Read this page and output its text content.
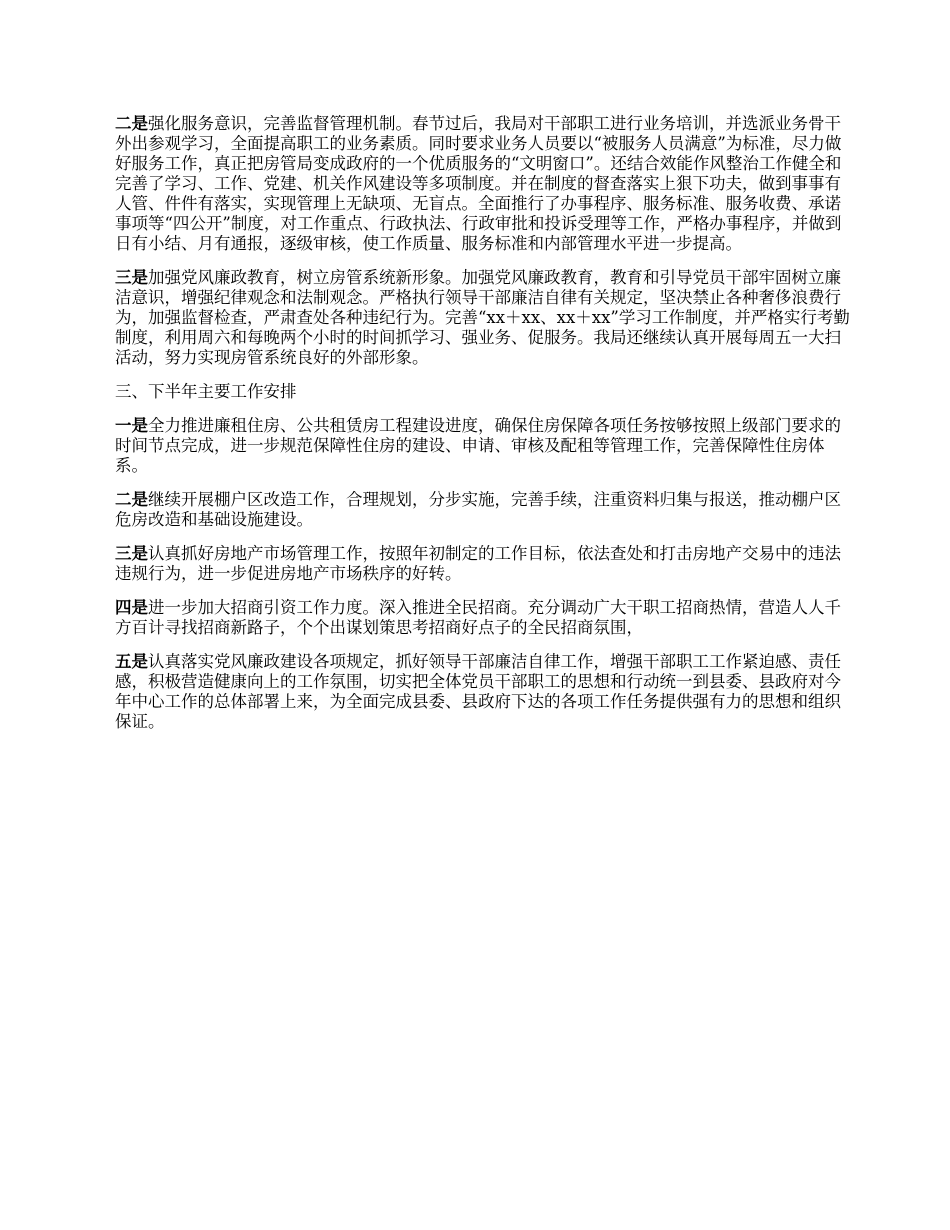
二是强化服务意识，完善监督管理机制。春节过后，我局对干部职工进行业务培训，并选派业务骨干外出参观学习，全面提高职工的业务素质。同时要求业务人员要以“被服务人员满意”为标准，尽力做好服务工作，真正把房管局变成政府的一个优质服务的“文明窗口”。还结合效能作风整治工作健全和完善了学习、工作、党建、机关作风建设等多项制度。并在制度的督查落实上狠下功夫，做到事事有人管、件件有落实，实现管理上无缺项、无盲点。全面推行了办事程序、服务标准、服务收费、承诺事项等“四公开”制度，对工作重点、行政执法、行政审批和投诉受理等工作，严格办事程序，并做到日有小结、月有通报，逐级审核，使工作质量、服务标准和内部管理水平进一步提高。

三是加强党风廉政教育，树立房管系统新形象。加强党风廉政教育，教育和引导党员干部牢固树立廉洁意识，增强纪律观念和法制观念。严格执行领导干部廉洁自律有关规定，坚决禁止各种奢侈浪费行为，加强监督检查，严肃查处各种违纪行为。完善“xx＋xx、xx＋xx”学习工作制度，并严格实行考勤制度，利用周六和每晚两个小时的时间抓学习、强业务、促服务。我局还继续认真开展每周五一大扫活动，努力实现房管系统良好的外部形象。

三、下半年主要工作安排

一是全力推进廉租住房、公共租赁房工程建设进度，确保住房保障各项任务按够按照上级部门要求的时间节点完成，进一步规范保障性住房的建设、申请、审核及配租等管理工作，完善保障性住房体系。

二是继续开展棚户区改造工作，合理规划，分步实施，完善手续，注重资料归集与报送，推动棚户区危房改造和基础设施建设。

三是认真抓好房地产市场管理工作，按照年初制定的工作目标，依法查处和打击房地产交易中的违法违规行为，进一步促进房地产市场秩序的好转。

四是进一步加大招商引资工作力度。深入推进全民招商。充分调动广大干职工招商热情，营造人人千方百计寻找招商新路子，个个出谋划策思考招商好点子的全民招商氛围，

五是认真落实党风廉政建设各项规定，抓好领导干部廉洁自律工作，增强干部职工工作紧迫感、责任感，积极营造健康向上的工作氛围，切实把全体党员干部职工的思想和行动统一到县委、县政府对今年中心工作的总体部署上来，为全面完成县委、县政府下达的各项工作任务提供强有力的思想和组织保证。
